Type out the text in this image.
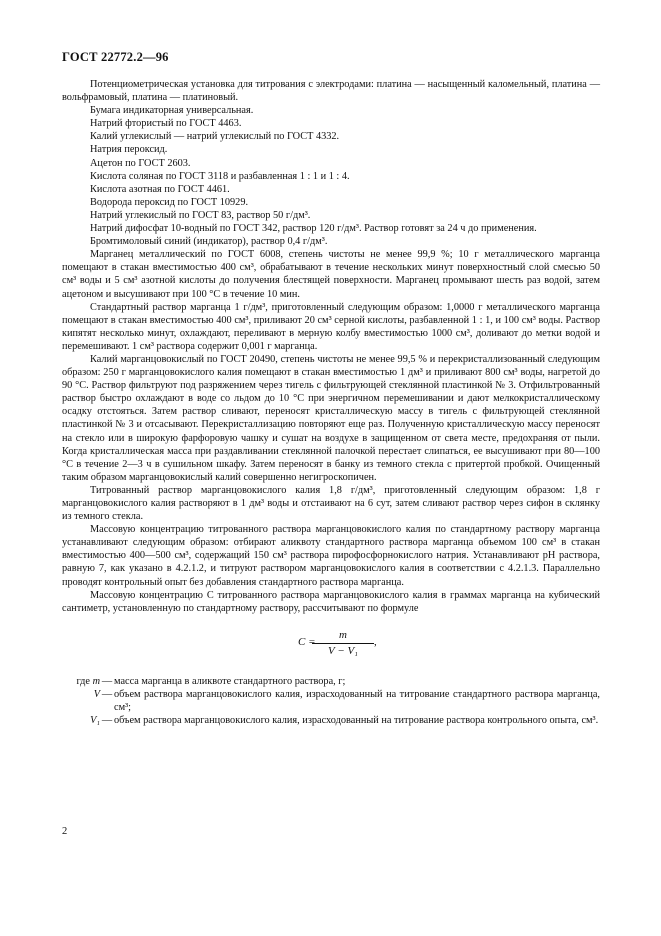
ГОСТ 22772.2—96

Потенциометрическая установка для титрования с электродами: платина — насыщенный каломельный, платина — вольфрамовый, платина — платиновый.

Бумага индикаторная универсальная.

Натрий фтористый по ГОСТ 4463.

Калий углекислый — натрий углекислый по ГОСТ 4332.

Натрия пероксид.

Ацетон по ГОСТ 2603.

Кислота соляная по ГОСТ 3118 и разбавленная 1 : 1 и 1 : 4.

Кислота азотная по ГОСТ 4461.

Водорода пероксид по ГОСТ 10929.

Натрий углекислый по ГОСТ 83, раствор 50 г/дм³.

Натрий дифосфат 10-водный по ГОСТ 342, раствор 120 г/дм³. Раствор готовят за 24 ч до применения.

Бромтимоловый синий (индикатор), раствор 0,4 г/дм³.

Марганец металлический по ГОСТ 6008, степень чистоты не менее 99,9 %; 10 г металлического марганца помещают в стакан вместимостью 400 см³, обрабатывают в течение нескольких минут поверхностный слой смесью 50 см³ воды и 5 см³ азотной кислоты до получения блестящей поверхности. Марганец промывают шесть раз водой, затем ацетоном и высушивают при 100 °С в течение 10 мин.

Стандартный раствор марганца 1 г/дм³, приготовленный следующим образом: 1,0000 г металлического марганца помещают в стакан вместимостью 400 см³, приливают 20 см³ серной кислоты, разбавленной 1 : 1, и 100 см³ воды. Раствор кипятят несколько минут, охлаждают, переливают в мерную колбу вместимостью 1000 см³, доливают до метки водой и перемешивают. 1 см³ раствора содержит 0,001 г марганца.

Калий марганцовокислый по ГОСТ 20490, степень чистоты не менее 99,5 % и перекристаллизованный следующим образом: 250 г марганцовокислого калия помещают в стакан вместимостью 1 дм³ и приливают 800 см³ воды, нагретой до 90 °С. Раствор фильтруют под разряжением через тигель с фильтрующей стеклянной пластинкой № 3. Отфильтрованный раствор быстро охлаждают в воде со льдом до 10 °С при энергичном перемешивании и дают мелкокристаллическому осадку отстояться. Затем раствор сливают, переносят кристаллическую массу в тигель с фильтрующей стеклянной пластинкой № 3 и отсасывают. Перекристаллизацию повторяют еще раз. Полученную кристаллическую массу переносят на стекло или в широкую фарфоровую чашку и сушат на воздухе в защищенном от света месте, предохраняя от пыли. Когда кристаллическая масса при раздавливании стеклянной палочкой перестает слипаться, ее высушивают при 80—100 °С в течение 2—3 ч в сушильном шкафу. Затем переносят в банку из темного стекла с притертой пробкой. Очищенный таким образом марганцовокислый калий совершенно негигроскопичен.

Титрованный раствор марганцовокислого калия 1,8 г/дм³, приготовленный следующим образом: 1,8 г марганцовокислого калия растворяют в 1 дм³ воды и отстаивают на 6 сут, затем сливают раствор через сифон в склянку из темного стекла.

Массовую концентрацию титрованного раствора марганцовокислого калия по стандартному раствору марганца устанавливают следующим образом: отбирают аликвоту стандартного раствора марганца объемом 100 см³ в стакан вместимостью 400—500 см³, содержащий 150 см³ раствора пирофосфорнокислого натрия. Устанавливают рН раствора, равную 7, как указано в 4.2.1.2, и титруют раствором марганцовокислого калия в соответствии с 4.2.1.3. Параллельно проводят контрольный опыт без добавления стандартного раствора марганца.

Массовую концентрацию С титрованного раствора марганцовокислого калия в граммах марганца на кубический сантиметр, установленную по стандартному раствору, рассчитывают по формуле

C =
$\frac{m}{\text{V − V₁}}$ ,
где m — масса марганца в аликвоте стандартного раствора, г;
V — объем раствора марганцовокислого калия, израсходованный на титрование стандартного раствора марганца, см³;
V₁ — объем раствора марганцовокислого калия, израсходованный на титрование раствора контрольного опыта, см³.
2
